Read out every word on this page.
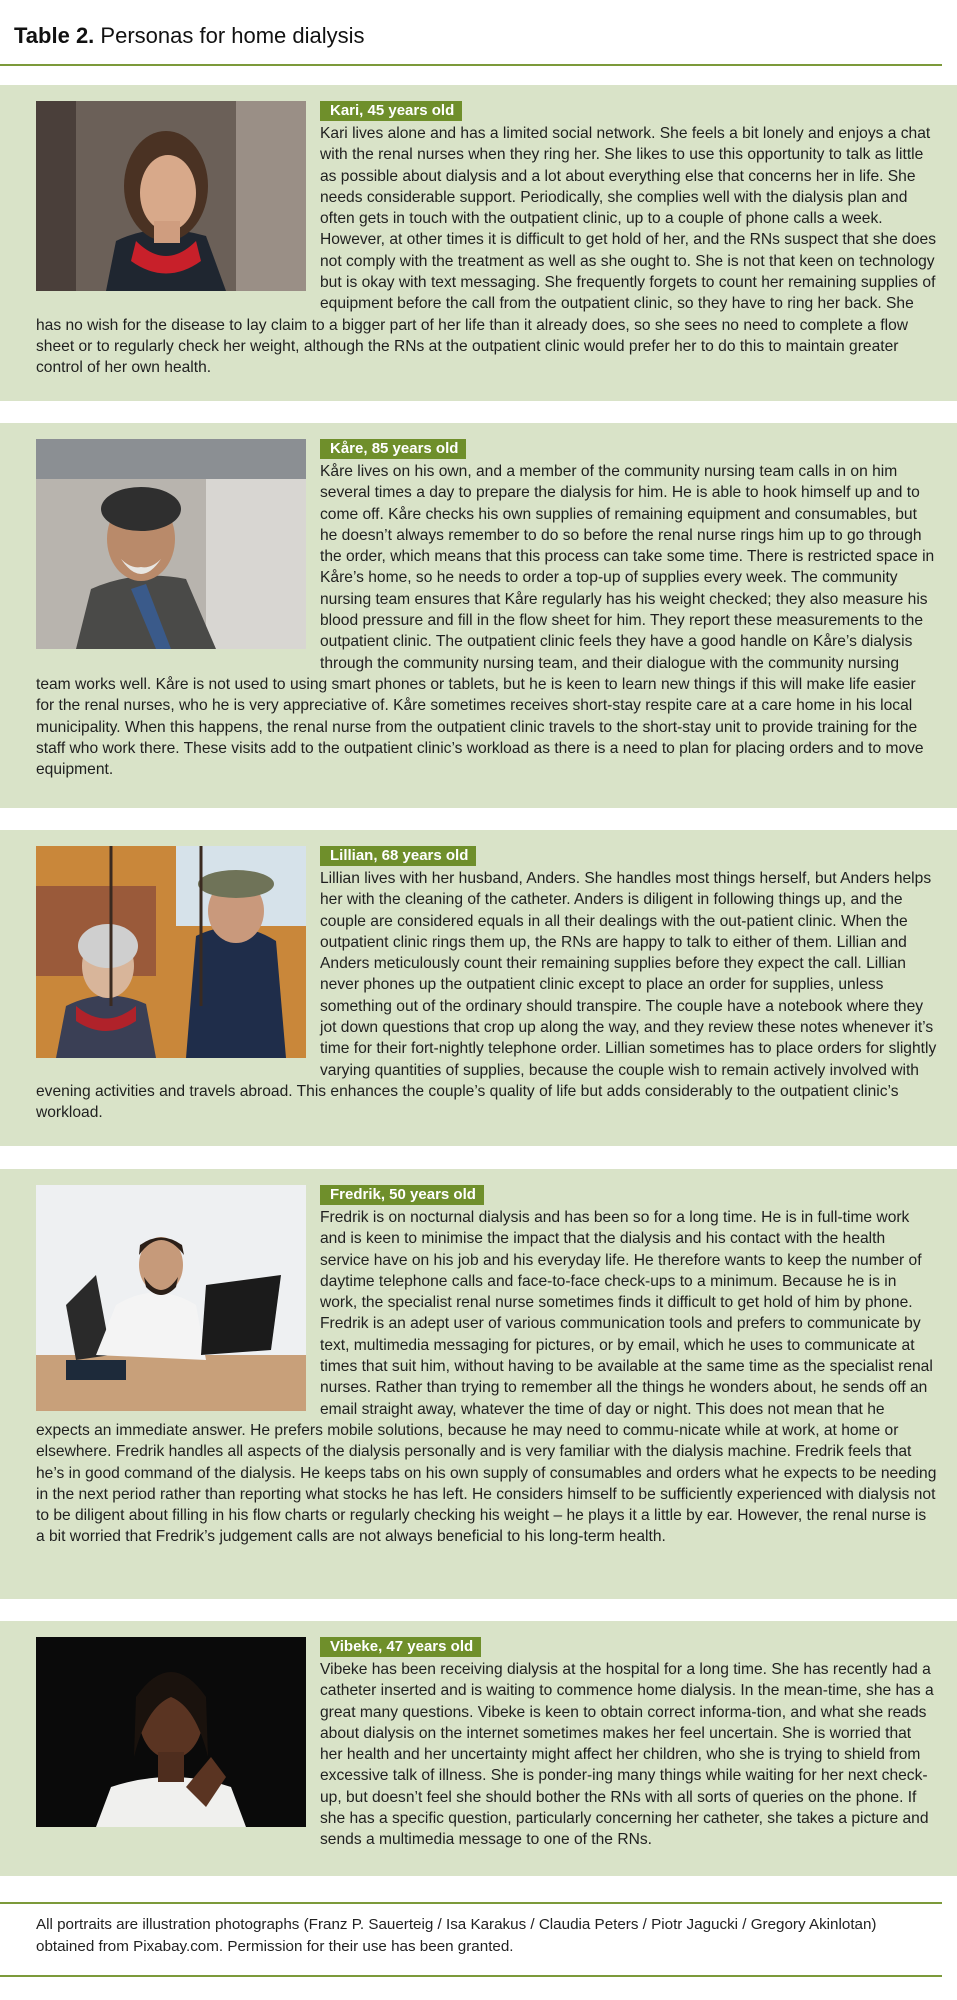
Table 2. Personas for home dialysis
Kari, 45 years old

Kari lives alone and has a limited social network. She feels a bit lonely and enjoys a chat with the renal nurses when they ring her. She likes to use this opportunity to talk as little as possible about dialysis and a lot about everything else that concerns her in life. She needs considerable support. Periodically, she complies well with the dialysis plan and often gets in touch with the outpatient clinic, up to a couple of phone calls a week. However, at other times it is difficult to get hold of her, and the RNs suspect that she does not comply with the treatment as well as she ought to. She is not that keen on technology but is okay with text messaging. She frequently forgets to count her remaining supplies of equipment before the call from the outpatient clinic, so they have to ring her back. She has no wish for the disease to lay claim to a bigger part of her life than it already does, so she sees no need to complete a flow sheet or to regularly check her weight, although the RNs at the outpatient clinic would prefer her to do this to maintain greater control of her own health.

Kåre, 85 years old

Kåre lives on his own, and a member of the community nursing team calls in on him several times a day to prepare the dialysis for him. He is able to hook himself up and to come off. Kåre checks his own supplies of remaining equipment and consumables, but he doesn’t always remember to do so before the renal nurse rings him up to go through the order, which means that this process can take some time. There is restricted space in Kåre’s home, so he needs to order a top-up of supplies every week. The community nursing team ensures that Kåre regularly has his weight checked; they also measure his blood pressure and fill in the flow sheet for him. They report these measurements to the outpatient clinic. The outpatient clinic feels they have a good handle on Kåre’s dialysis through the community nursing team, and their dialogue with the community nursing team works well. Kåre is not used to using smart phones or tablets, but he is keen to learn new things if this will make life easier for the renal nurses, who he is very appreciative of. Kåre sometimes receives short-stay respite care at a care home in his local municipality. When this happens, the renal nurse from the outpatient clinic travels to the short-stay unit to provide training for the staff who work there. These visits add to the outpatient clinic’s workload as there is a need to plan for placing orders and to move equipment.

Lillian, 68 years old

Lillian lives with her husband, Anders. She handles most things herself, but Anders helps her with the cleaning of the catheter. Anders is diligent in following things up, and the couple are considered equals in all their dealings with the out-patient clinic. When the outpatient clinic rings them up, the RNs are happy to talk to either of them. Lillian and Anders meticulously count their remaining supplies before they expect the call. Lillian never phones up the outpatient clinic except to place an order for supplies, unless something out of the ordinary should transpire. The couple have a notebook where they jot down questions that crop up along the way, and they review these notes whenever it’s time for their fort-nightly telephone order. Lillian sometimes has to place orders for slightly varying quantities of supplies, because the couple wish to remain actively involved with evening activities and travels abroad. This enhances the couple’s quality of life but adds considerably to the outpatient clinic’s workload.

Fredrik, 50 years old

Fredrik is on nocturnal dialysis and has been so for a long time. He is in full-time work and is keen to minimise the impact that the dialysis and his contact with the health service have on his job and his everyday life. He therefore wants to keep the number of daytime telephone calls and face-to-face check-ups to a minimum. Because he is in work, the specialist renal nurse sometimes finds it difficult to get hold of him by phone. Fredrik is an adept user of various communication tools and prefers to communicate by text, multimedia messaging for pictures, or by email, which he uses to communicate at times that suit him, without having to be available at the same time as the specialist renal nurses. Rather than trying to remember all the things he wonders about, he sends off an email straight away, whatever the time of day or night. This does not mean that he expects an immediate answer. He prefers mobile solutions, because he may need to commu-nicate while at work, at home or elsewhere. Fredrik handles all aspects of the dialysis personally and is very familiar with the dialysis machine. Fredrik feels that he’s in good command of the dialysis. He keeps tabs on his own supply of consumables and orders what he expects to be needing in the next period rather than reporting what stocks he has left. He considers himself to be sufficiently experienced with dialysis not to be diligent about filling in his flow charts or regularly checking his weight – he plays it a little by ear. However, the renal nurse is a bit worried that Fredrik’s judgement calls are not always beneficial to his long-term health.

Vibeke, 47 years old

Vibeke has been receiving dialysis at the hospital for a long time. She has recently had a catheter inserted and is waiting to commence home dialysis. In the mean-time, she has a great many questions. Vibeke is keen to obtain correct informa-tion, and what she reads about dialysis on the internet sometimes makes her feel uncertain. She is worried that her health and her uncertainty might affect her children, who she is trying to shield from excessive talk of illness. She is ponder-ing many things while waiting for her next check-up, but doesn’t feel she should bother the RNs with all sorts of queries on the phone. If she has a specific question, particularly concerning her catheter, she takes a picture and sends a multimedia message to one of the RNs.

All portraits are illustration photographs (Franz P. Sauerteig / Isa Karakus / Claudia Peters / Piotr Jagucki / Gregory Akinlotan) obtained from Pixabay.com. Permission for their use has been granted.
